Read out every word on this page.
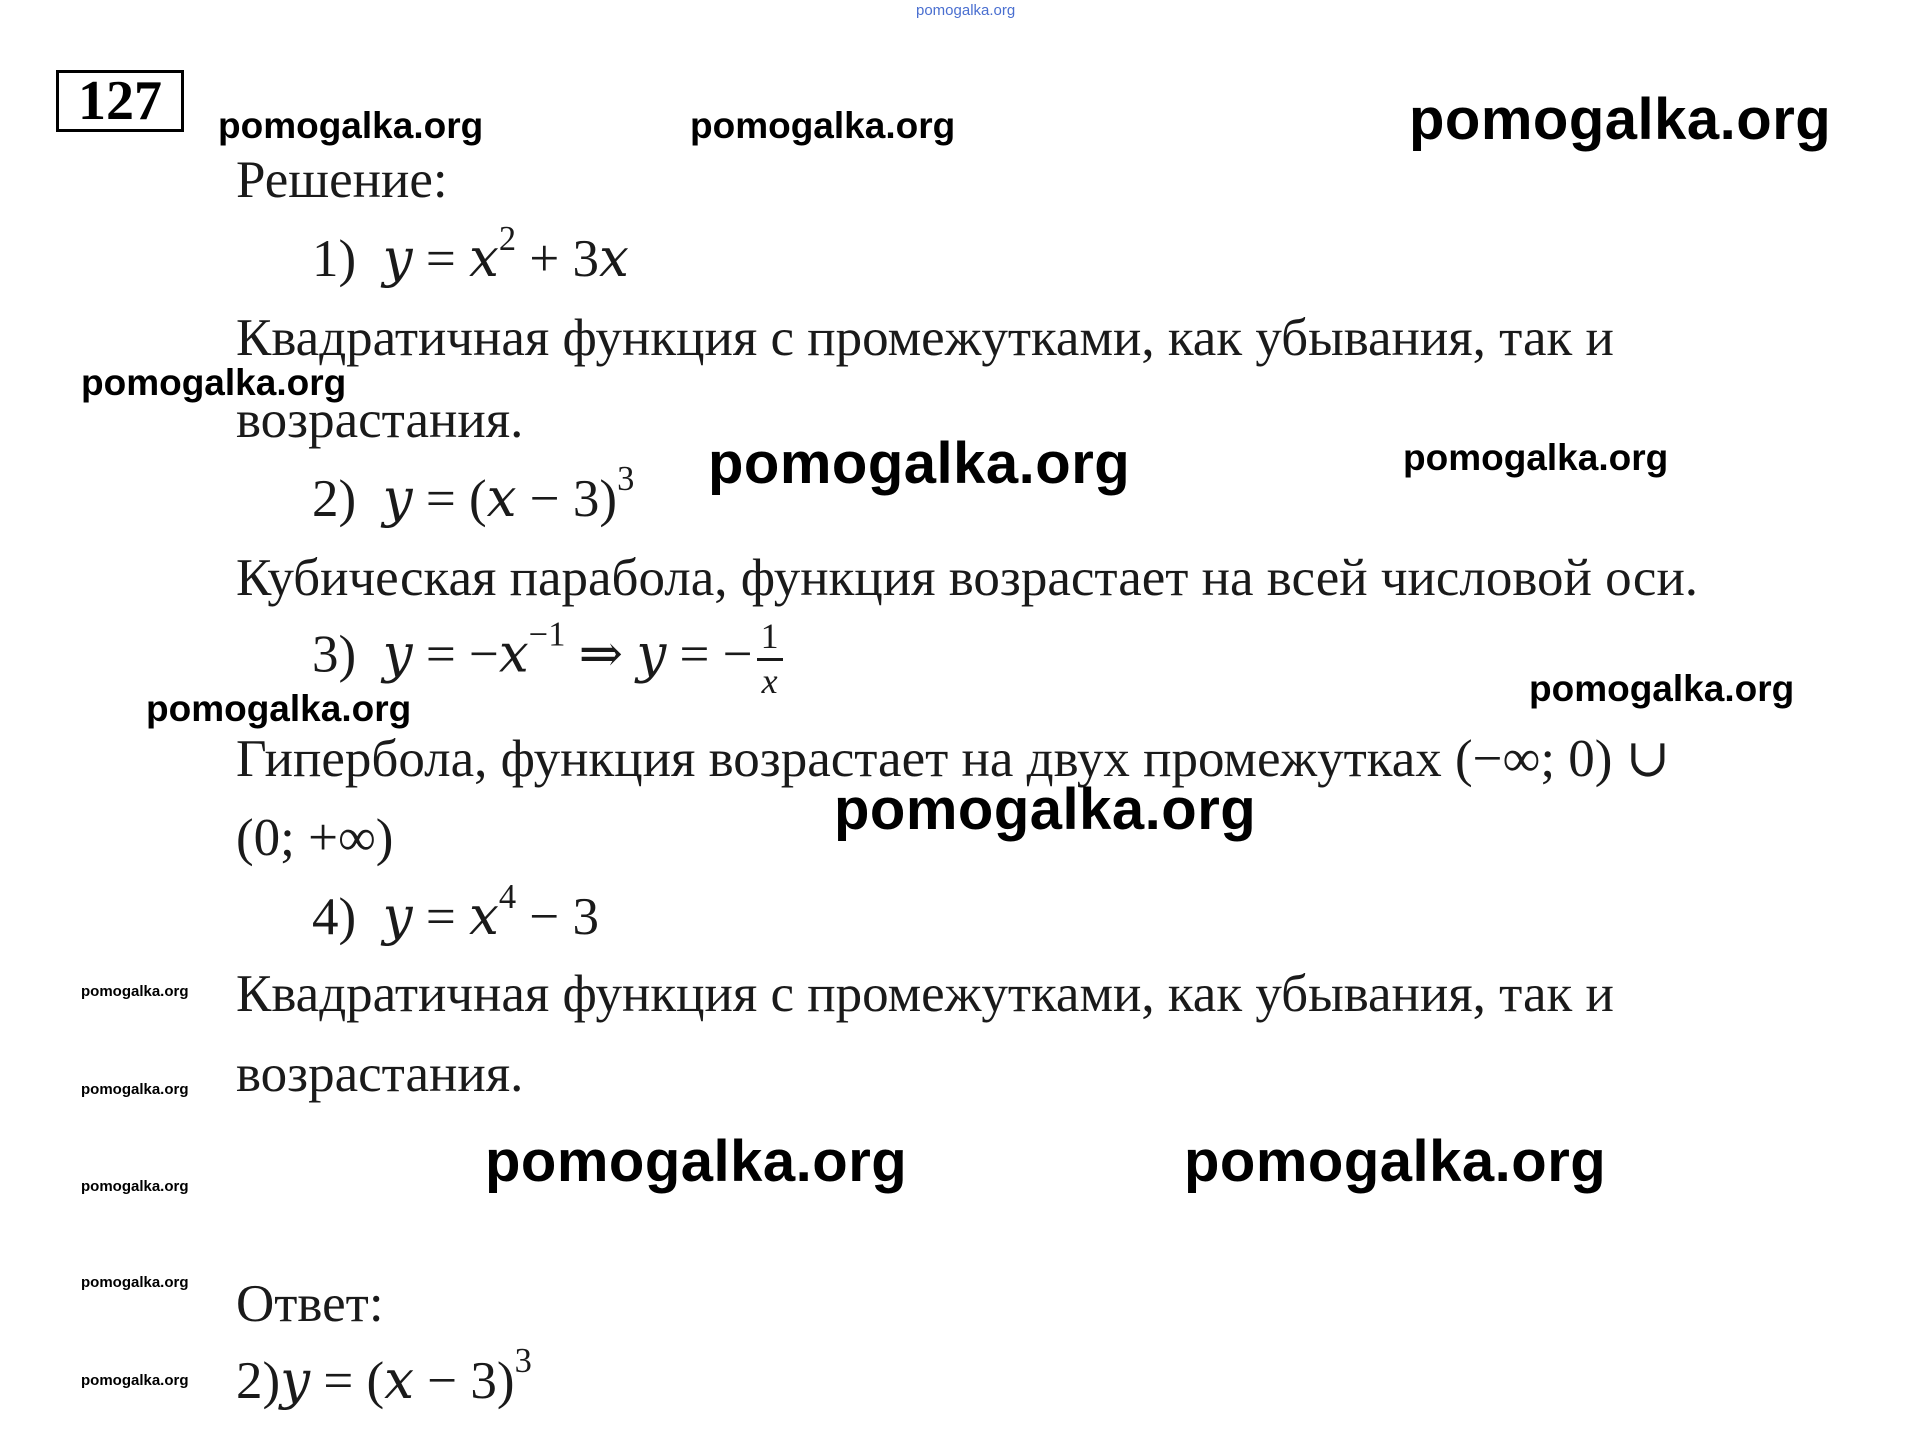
pomogalka.org
127	pomogalka.org	pomogalka.org	pomogalka.org
Решение:
1) $y = x^2 + 3x$
Квадратичная функция с промежутками, как убывания, так и
pomogalka.org
возрастания.
2) $y = (x - 3)^3$ pomogalka.org	pomogalka.org
Кубическая парабола, функция возрастает на всей числовой оси.
3) $y = -x^{-1}$ ⇒ y = − $\frac{1}{x}$	pomogalka.org
pomogalka.org
Гипербола, функция возрастает на двух промежутках (−∞; 0) ∪
pomogalka.org
(0; +∞)
4) $y = x^4 - 3$
pomogalka.org Квадратичная функция с промежутками, как убывания, так и
pomogalka.org возрастания.
pomogalka.org	pomogalka.org
pomogalka.org
pomogalka.org Ответ:
pomogalka.org $2)y = (x - 3)^3$
